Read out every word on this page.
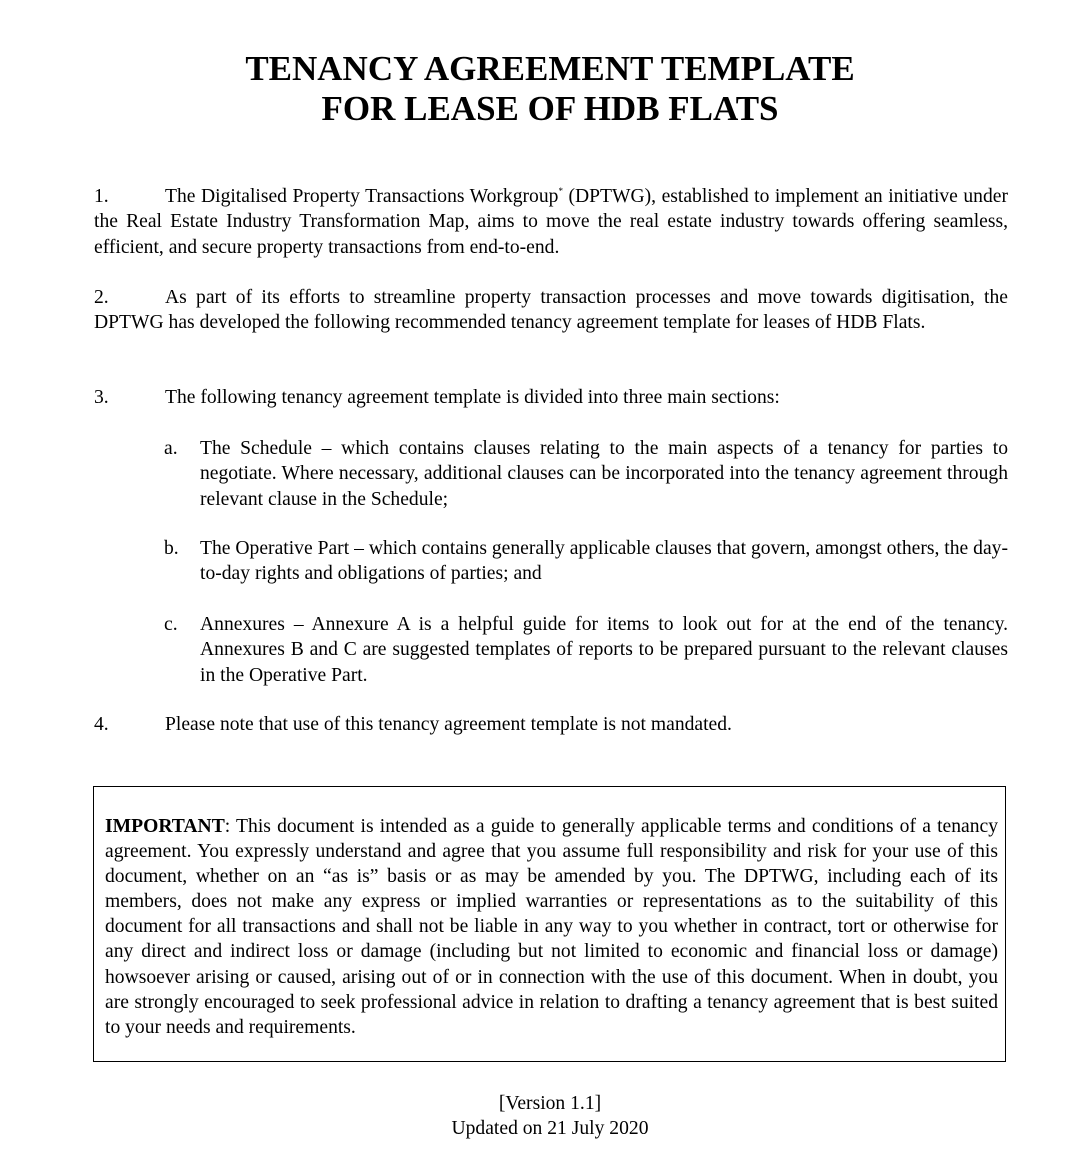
TENANCY AGREEMENT TEMPLATE
FOR LEASE OF HDB FLATS
1.	The Digitalised Property Transactions Workgroup* (DPTWG), established to implement an initiative under the Real Estate Industry Transformation Map, aims to move the real estate industry towards offering seamless, efficient, and secure property transactions from end-to-end.
2.	As part of its efforts to streamline property transaction processes and move towards digitisation, the DPTWG has developed the following recommended tenancy agreement template for leases of HDB Flats.
3.	The following tenancy agreement template is divided into three main sections:
a.	The Schedule – which contains clauses relating to the main aspects of a tenancy for parties to negotiate. Where necessary, additional clauses can be incorporated into the tenancy agreement through relevant clause in the Schedule;
b.	The Operative Part – which contains generally applicable clauses that govern, amongst others, the day-to-day rights and obligations of parties; and
c.	Annexures – Annexure A is a helpful guide for items to look out for at the end of the tenancy. Annexures B and C are suggested templates of reports to be prepared pursuant to the relevant clauses in the Operative Part.
4.	Please note that use of this tenancy agreement template is not mandated.
IMPORTANT: This document is intended as a guide to generally applicable terms and conditions of a tenancy agreement. You expressly understand and agree that you assume full responsibility and risk for your use of this document, whether on an “as is” basis or as may be amended by you. The DPTWG, including each of its members, does not make any express or implied warranties or representations as to the suitability of this document for all transactions and shall not be liable in any way to you whether in contract, tort or otherwise for any direct and indirect loss or damage (including but not limited to economic and financial loss or damage) howsoever arising or caused, arising out of or in connection with the use of this document. When in doubt, you are strongly encouraged to seek professional advice in relation to drafting a tenancy agreement that is best suited to your needs and requirements.
[Version 1.1]
Updated on 21 July 2020
